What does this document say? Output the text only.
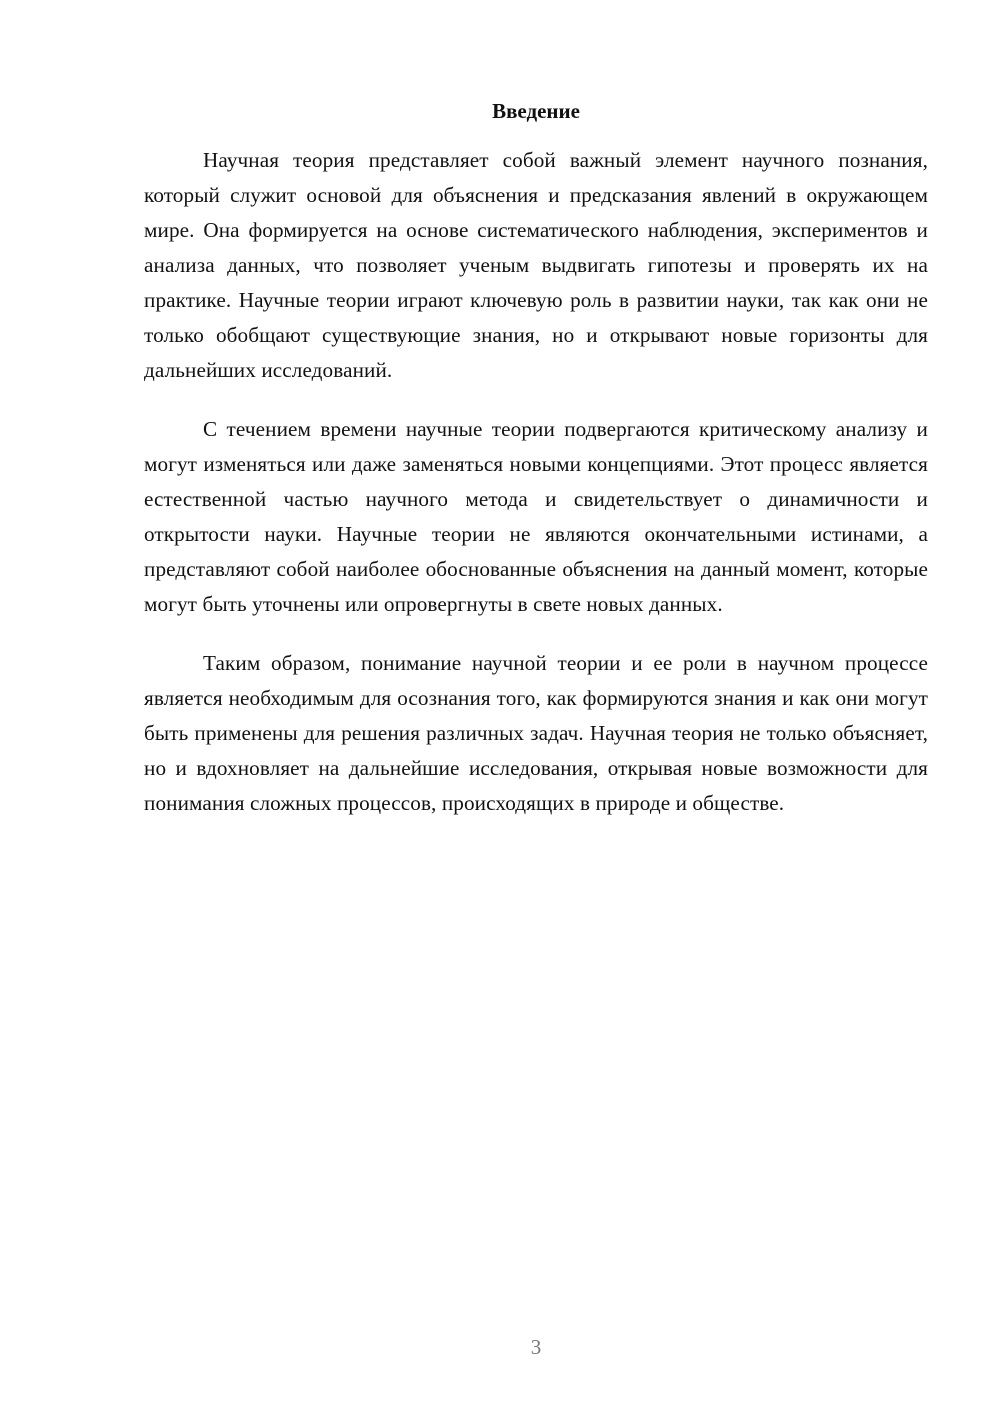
Введение

Научная теория представляет собой важный элемент научного познания, который служит основой для объяснения и предсказания явлений в окружающем мире. Она формируется на основе систематического наблюдения, экспериментов и анализа данных, что позволяет ученым выдвигать гипотезы и проверять их на практике. Научные теории играют ключевую роль в развитии науки, так как они не только обобщают существующие знания, но и открывают новые горизонты для дальнейших исследований.

С течением времени научные теории подвергаются критическому анализу и могут изменяться или даже заменяться новыми концепциями. Этот процесс является естественной частью научного метода и свидетельствует о динамичности и открытости науки. Научные теории не являются окончательными истинами, а представляют собой наиболее обоснованные объяснения на данный момент, которые могут быть уточнены или опровергнуты в свете новых данных.

Таким образом, понимание научной теории и ее роли в научном процессе является необходимым для осознания того, как формируются знания и как они могут быть применены для решения различных задач. Научная теория не только объясняет, но и вдохновляет на дальнейшие исследования, открывая новые возможности для понимания сложных процессов, происходящих в природе и обществе.

3
